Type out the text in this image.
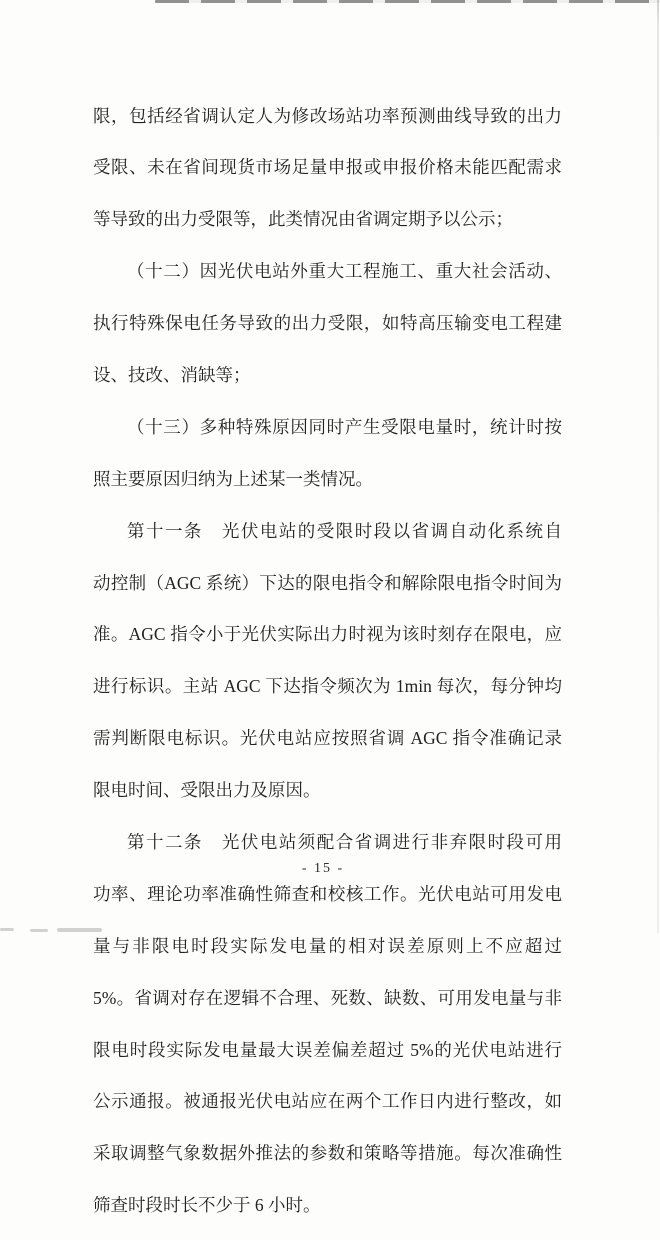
限，包括经省调认定人为修改场站功率预测曲线导致的出力

受限、未在省间现货市场足量申报或申报价格未能匹配需求

等导致的出力受限等，此类情况由省调定期予以公示；

（十二）因光伏电站外重大工程施工、重大社会活动、

执行特殊保电任务导致的出力受限，如特高压输变电工程建

设、技改、消缺等；

（十三）多种特殊原因同时产生受限电量时，统计时按

照主要原因归纳为上述某一类情况。

第十一条　光伏电站的受限时段以省调自动化系统自

动控制（AGC 系统）下达的限电指令和解除限电指令时间为

准。AGC 指令小于光伏实际出力时视为该时刻存在限电，应

进行标识。主站 AGC 下达指令频次为 1min 每次，每分钟均

需判断限电标识。光伏电站应按照省调 AGC 指令准确记录

限电时间、受限出力及原因。

第十二条　光伏电站须配合省调进行非弃限时段可用

功率、理论功率准确性筛查和校核工作。光伏电站可用发电

量与非限电时段实际发电量的相对误差原则上不应超过

5%。省调对存在逻辑不合理、死数、缺数、可用发电量与非

限电时段实际发电量最大误差偏差超过 5%的光伏电站进行

公示通报。被通报光伏电站应在两个工作日内进行整改，如

采取调整气象数据外推法的参数和策略等措施。每次准确性

筛查时段时长不少于 6 小时。

- 15 -
